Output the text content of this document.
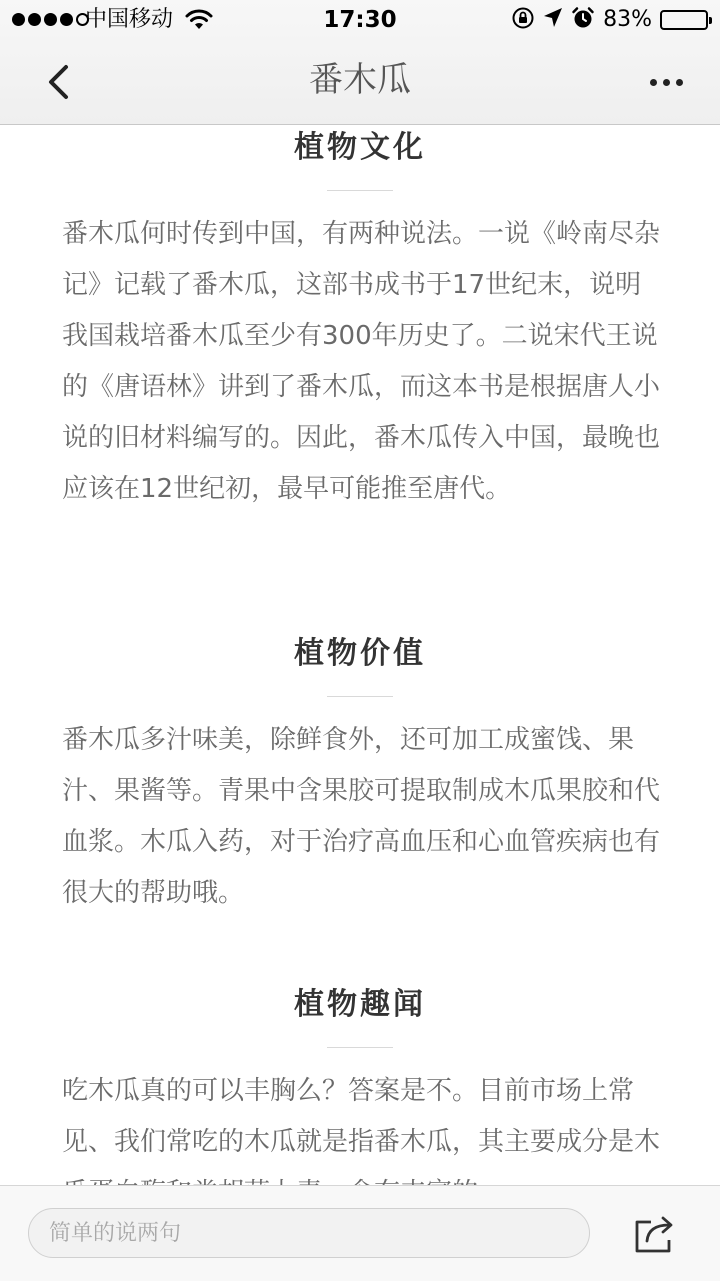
中国移动	17:30	83%
番木瓜
植物文化

番木瓜何时传到中国，有两种说法。一说《岭南尽杂记》记载了番木瓜，这部书成书于17世纪末，说明我国栽培番木瓜至少有300年历史了。二说宋代王说的《唐语林》讲到了番木瓜，而这本书是根据唐人小说的旧材料编写的。因此，番木瓜传入中国，最晚也应该在12世纪初，最早可能推至唐代。

植物价值

番木瓜多汁味美，除鲜食外，还可加工成蜜饯、果汁、果酱等。青果中含果胶可提取制成木瓜果胶和代血浆。木瓜入药，对于治疗高血压和心血管疾病也有很大的帮助哦。

植物趣闻

吃木瓜真的可以丰胸么？答案是不。目前市场上常见、我们常吃的木瓜就是指番木瓜，其主要成分是木

简单的说两句
